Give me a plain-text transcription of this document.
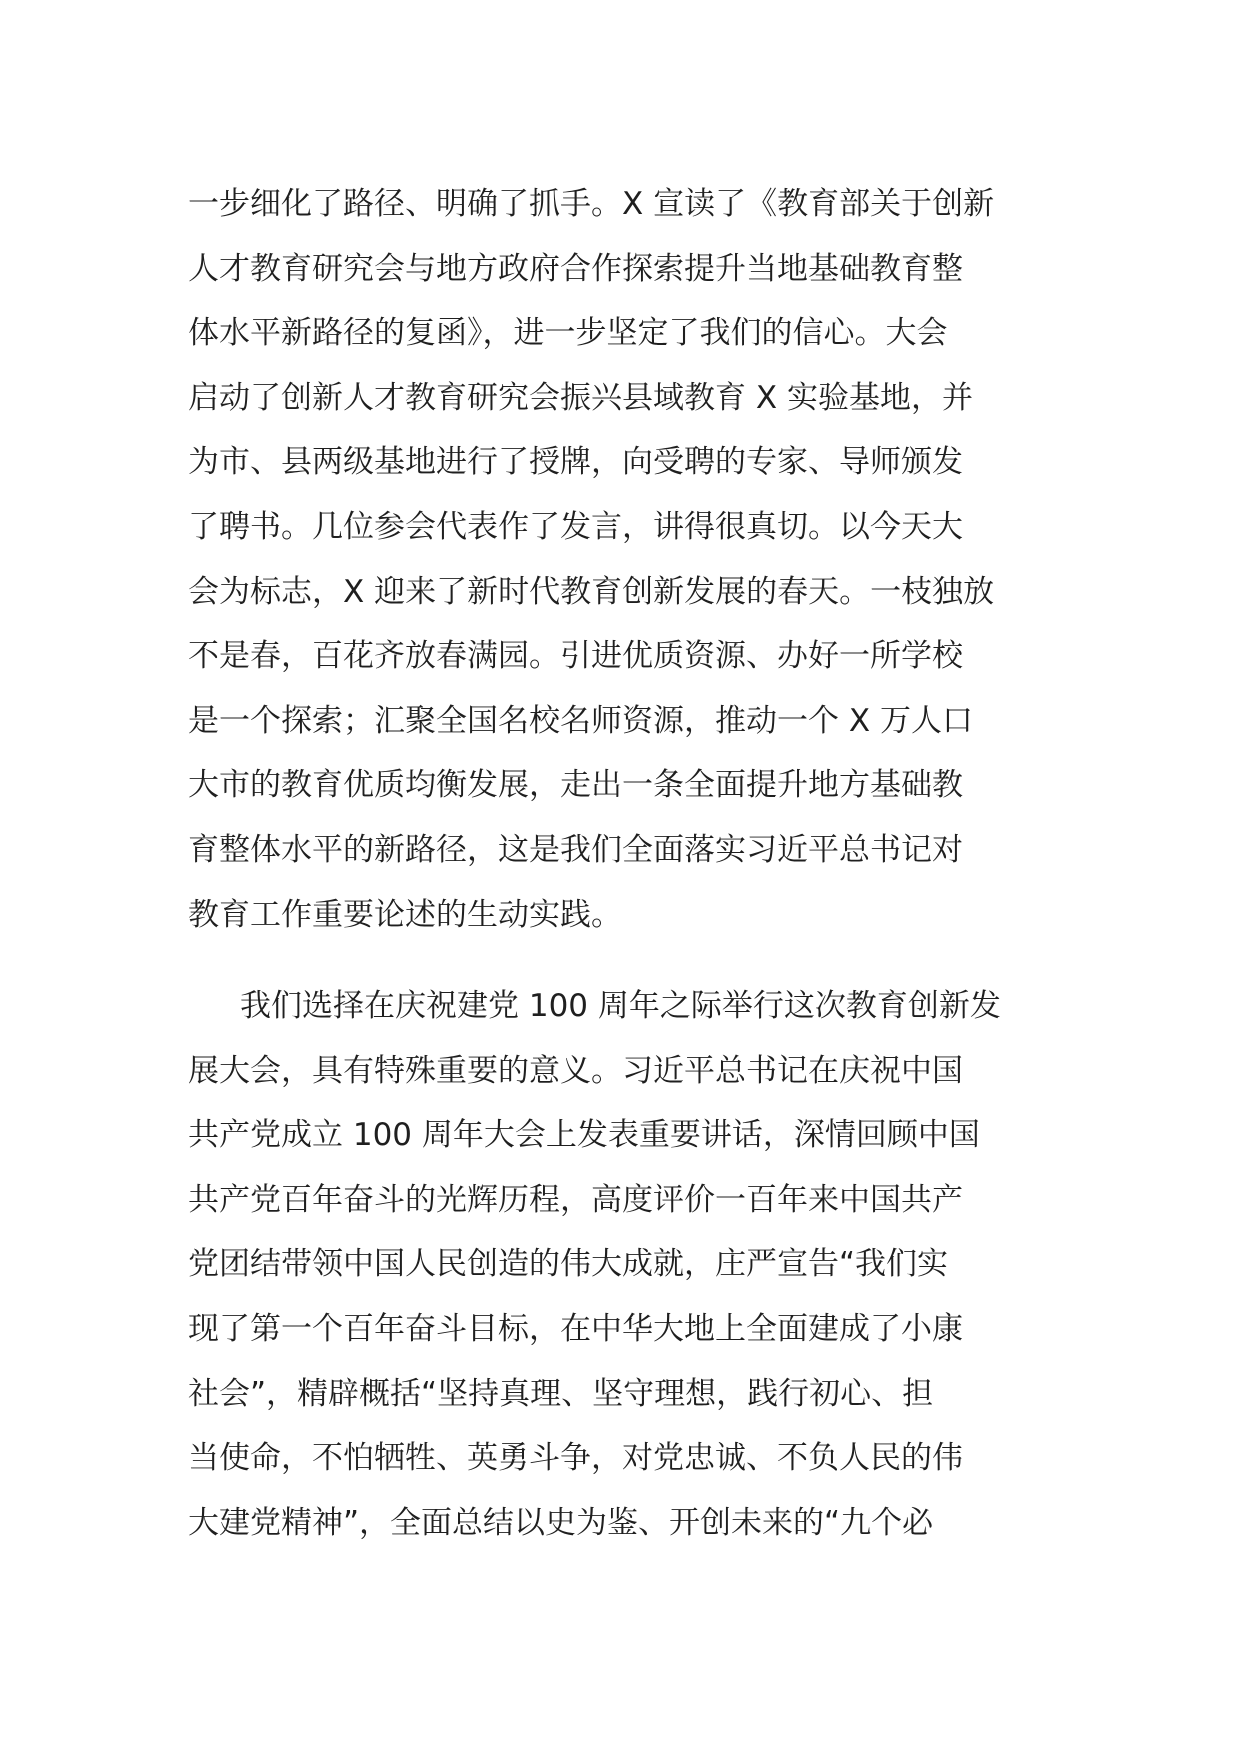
一步细化了路径、明确了抓手。X 宣读了《教育部关于创新
人才教育研究会与地方政府合作探索提升当地基础教育整
体水平新路径的复函》，进一步坚定了我们的信心。大会
启动了创新人才教育研究会振兴县域教育 X 实验基地，并
为市、县两级基地进行了授牌，向受聘的专家、导师颁发
了聘书。几位参会代表作了发言，讲得很真切。以今天大
会为标志，X 迎来了新时代教育创新发展的春天。一枝独放
不是春，百花齐放春满园。引进优质资源、办好一所学校
是一个探索；汇聚全国名校名师资源，推动一个 X 万人口
大市的教育优质均衡发展，走出一条全面提升地方基础教
育整体水平的新路径，这是我们全面落实习近平总书记对
教育工作重要论述的生动实践。
我们选择在庆祝建党 100 周年之际举行这次教育创新发
展大会，具有特殊重要的意义。习近平总书记在庆祝中国
共产党成立 100 周年大会上发表重要讲话，深情回顾中国
共产党百年奋斗的光辉历程，高度评价一百年来中国共产
党团结带领中国人民创造的伟大成就，庄严宣告“我们实
现了第一个百年奋斗目标，在中华大地上全面建成了小康
社会”，精辟概括“坚持真理、坚守理想，践行初心、担
当使命，不怕牺牲、英勇斗争，对党忠诚、不负人民的伟
大建党精神”，全面总结以史为鉴、开创未来的“九个必
